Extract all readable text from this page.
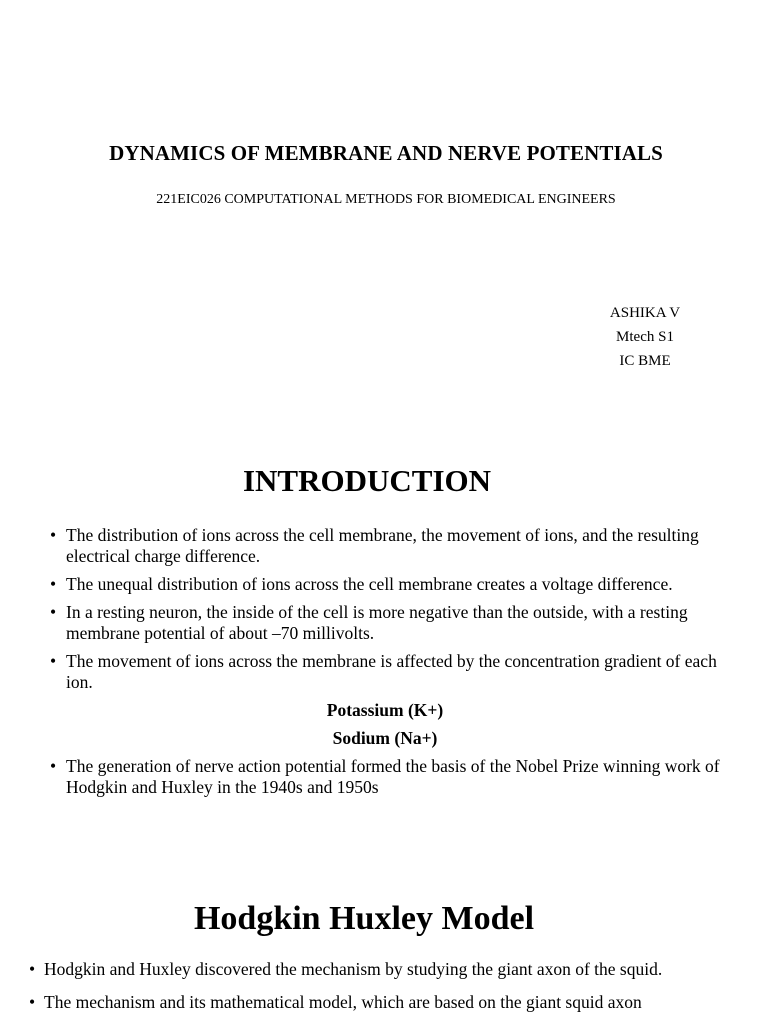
DYNAMICS OF MEMBRANE AND NERVE POTENTIALS

221EIC026 COMPUTATIONAL METHODS FOR BIOMEDICAL ENGINEERS

ASHIKA V
Mtech S1
IC BME
INTRODUCTION
• The distribution of ions across the cell membrane, the movement of ions, and the resulting electrical charge difference.
• The unequal distribution of ions across the cell membrane creates a voltage difference.
• In a resting neuron, the inside of the cell is more negative than the outside, with a resting membrane potential of about –70 millivolts.
• The movement of ions across the membrane is affected by the concentration gradient of each ion.
Potassium (K+)
Sodium (Na+)
• The generation of nerve action potential formed the basis of the Nobel Prize winning work of Hodgkin and Huxley in the 1940s and 1950s
Hodgkin Huxley Model
• Hodgkin and Huxley discovered the mechanism by studying the giant axon of the squid.
• The mechanism and its mathematical model, which are based on the giant squid axon
